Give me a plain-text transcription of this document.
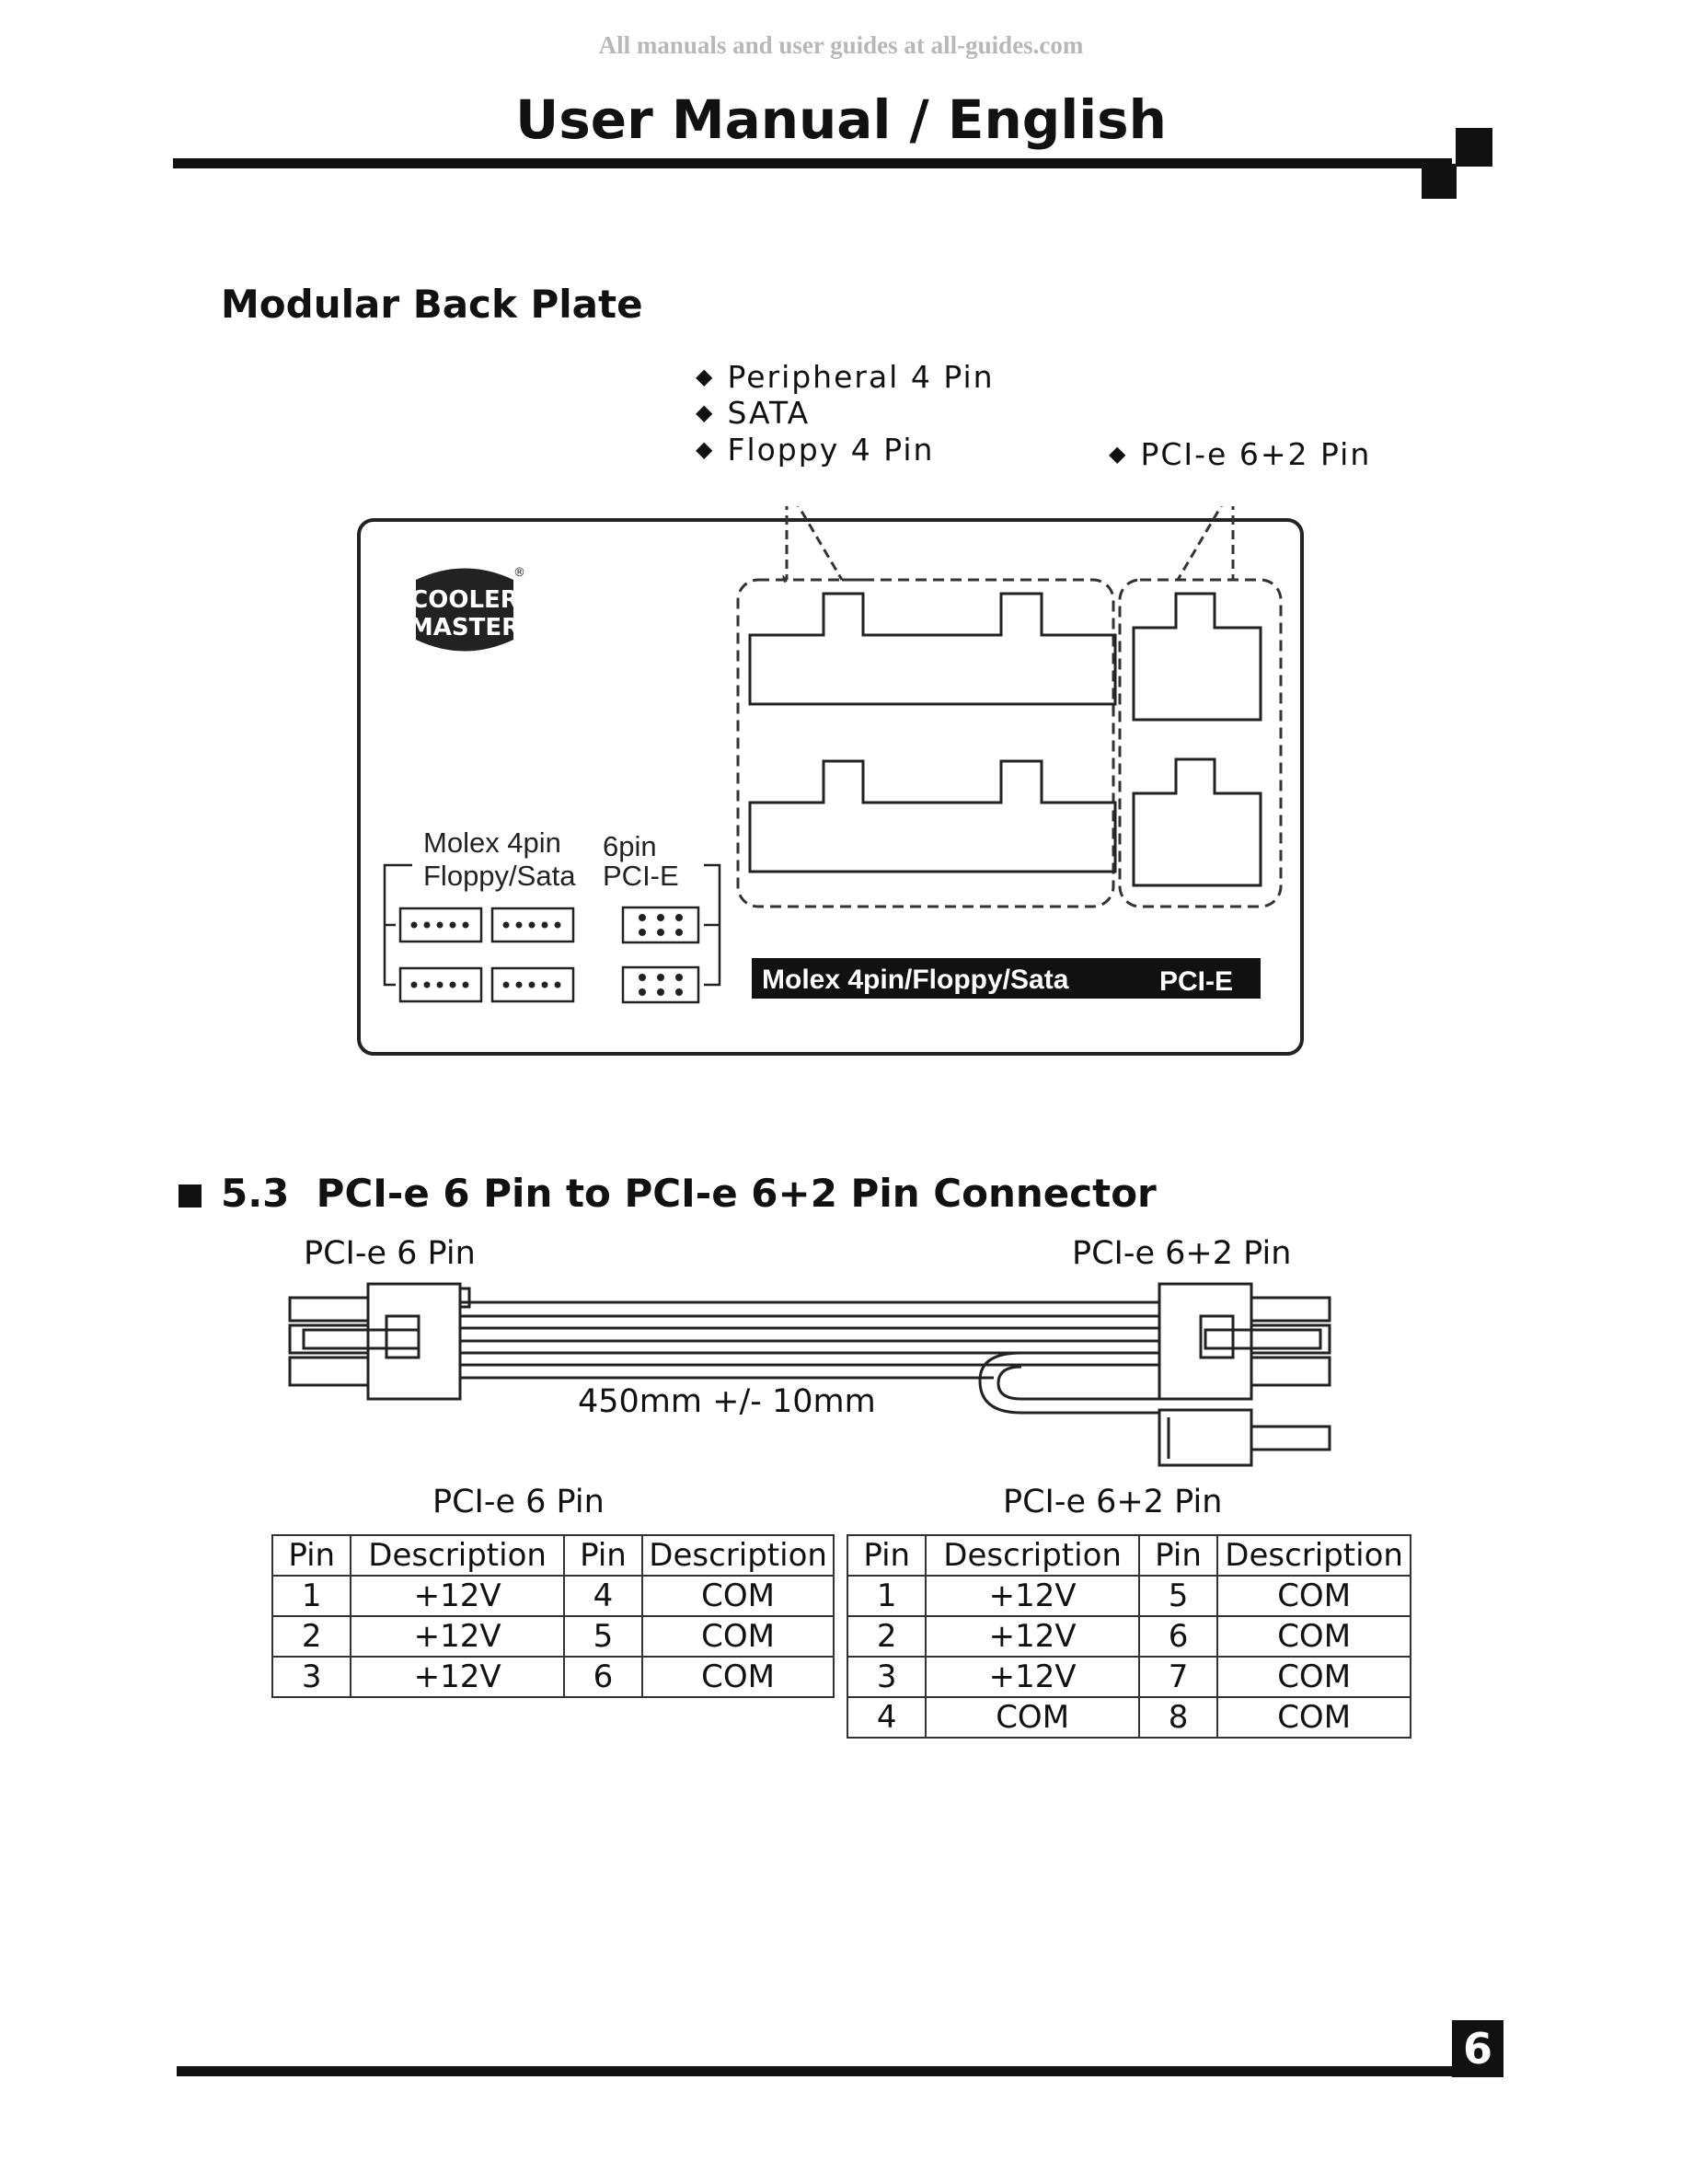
All manuals and user guides at all-guides.com
User Manual / English
Modular Back Plate
◆ Peripheral 4 Pin
◆ SATA
◆ Floppy 4 Pin	◆ PCI-e 6+2 Pin
COOLER
MASTER
®
Molex 4pin
Floppy/Sata
6pin
PCI-E
Molex 4pin/Floppy/Sata	PCI-E
5.3 PCI-e 6 Pin to PCI-e 6+2 Pin Connector
PCI-e 6 Pin	PCI-e 6+2 Pin
450mm +/- 10mm
PCI-e 6 Pin	PCI-e 6+2 Pin
Pin	Description	Pin	Description
1	+12V	4	COM
2	+12V	5	COM
3	+12V	6	COM
Pin	Description	Pin	Description
1	+12V	5	COM
2	+12V	6	COM
3	+12V	7	COM
4	COM	8	COM
6
